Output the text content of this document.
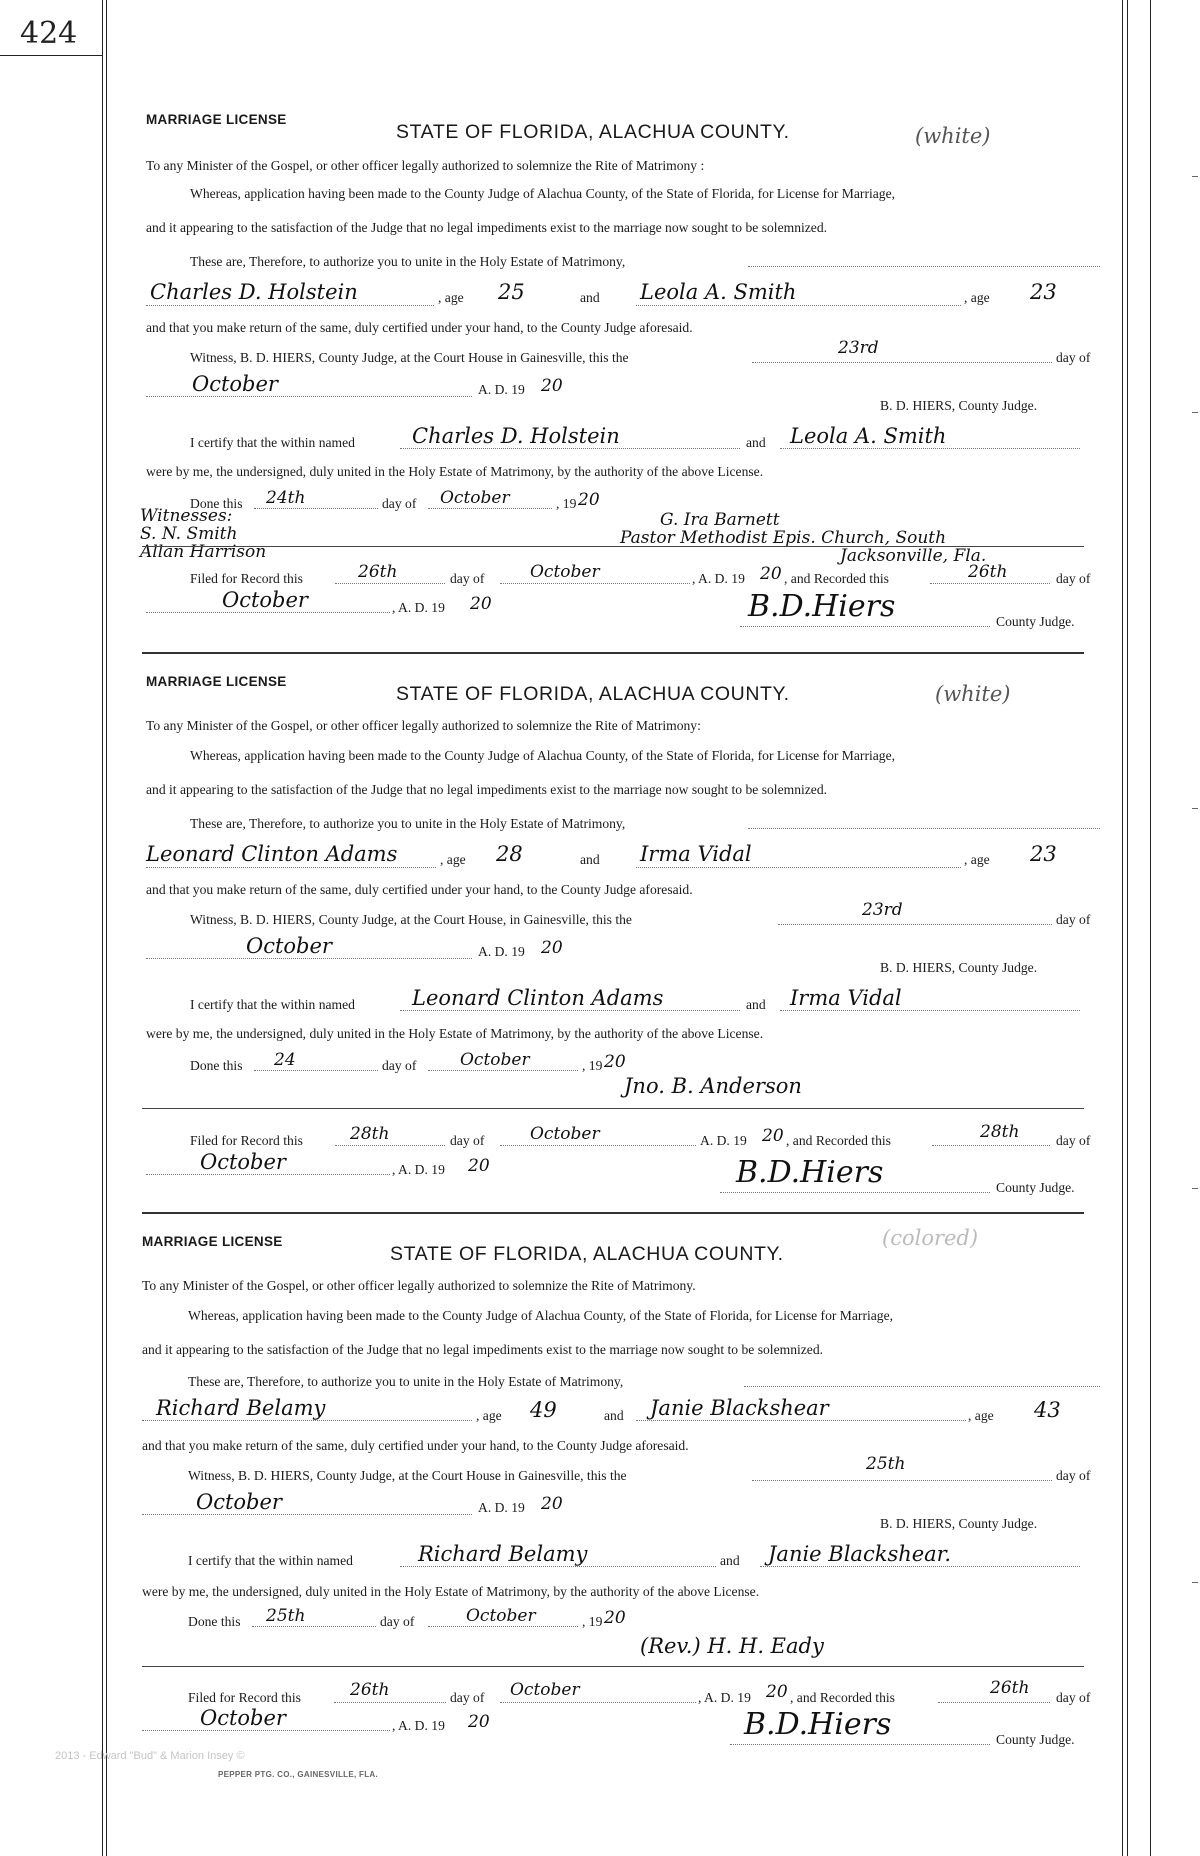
424
MARRIAGE LICENSE
STATE OF FLORIDA, ALACHUA COUNTY.	(white)
To any Minister of the Gospel, or other officer legally authorized to solemnize the Rite of Matrimony :
Whereas, application having been made to the County Judge of Alachua County, of the State of Florida, for License for Marriage,
and it appearing to the satisfaction of the Judge that no legal impediments exist to the marriage now sought to be solemnized.
These are, Therefore, to authorize you to unite in the Holy Estate of Matrimony,
Charles D. Holstein	, age 25	and Leola A. Smith	, age 23
and that you make return of the same, duly certified under your hand, to the County Judge aforesaid.
Witness, B. D. HIERS, County Judge, at the Court House in Gainesville, this the	23rd	day of
October	A. D. 19 20
B. D. HIERS, County Judge.
I certify that the within named	Charles D. Holstein	and Leola A. Smith
were by me, the undersigned, duly united in the Holy Estate of Matrimony, by the authority of the above License.
Done this 24th	day of October	, 19 20
Witnesses:
S. N. Smith
Allan Harrison
G. Ira Barnett
Pastor Methodist Epis. Church, South
Jacksonville, Fla.
Filed for Record this	26th	day of	October	, A. D. 19 20 , and Recorded this	26th	day of
October	, A. D. 19 20	B.D.Hiers	County Judge.
MARRIAGE LICENSE
STATE OF FLORIDA, ALACHUA COUNTY.	(white)
To any Minister of the Gospel, or other officer legally authorized to solemnize the Rite of Matrimony:
Whereas, application having been made to the County Judge of Alachua County, of the State of Florida, for License for Marriage,
and it appearing to the satisfaction of the Judge that no legal impediments exist to the marriage now sought to be solemnized.
These are, Therefore, to authorize you to unite in the Holy Estate of Matrimony,
Leonard Clinton Adams	, age 28	and Irma Vidal	, age 23
and that you make return of the same, duly certified under your hand, to the County Judge aforesaid.
Witness, B. D. HIERS, County Judge, at the Court House, in Gainesville, this the	23rd	day of
October	A. D. 19 20
B. D. HIERS, County Judge.
I certify that the within named	Leonard Clinton Adams	and Irma Vidal
were by me, the undersigned, duly united in the Holy Estate of Matrimony, by the authority of the above License.
Done this 24	day of	October	, 19 20
Jno. B. Anderson
Filed for Record this	28th	day of	October	A. D. 19 20 , and Recorded this	28th	day of
October	, A. D. 19 20	B.D.Hiers	County Judge.
MARRIAGE LICENSE
STATE OF FLORIDA, ALACHUA COUNTY.
(colored)
To any Minister of the Gospel, or other officer legally authorized to solemnize the Rite of Matrimony.
Whereas, application having been made to the County Judge of Alachua County, of the State of Florida, for License for Marriage,
and it appearing to the satisfaction of the Judge that no legal impediments exist to the marriage now sought to be solemnized.
These are, Therefore, to authorize you to unite in the Holy Estate of Matrimony,
Richard Belamy	, age 49	and Janie Blackshear	, age 43
and that you make return of the same, duly certified under your hand, to the County Judge aforesaid.
Witness, B. D. HIERS, County Judge, at the Court House in Gainesville, this the
25th
day of
October	A. D. 19 20
B. D. HIERS, County Judge.
I certify that the within named	Richard Belamy	and Janie Blackshear.
were by me, the undersigned, duly united in the Holy Estate of Matrimony, by the authority of the above License.
Done this 25th	day of	October	, 19 20
(Rev.) H. H. Eady
Filed for Record this	26th	day of October	, A. D. 19 20 , and Recorded this	26th day of
October	, A. D. 19 20	B.D.Hiers	County Judge.
2013 - Edward "Bud" & Marion Insey ©
PEPPER PTG. CO., GAINESVILLE, FLA.
